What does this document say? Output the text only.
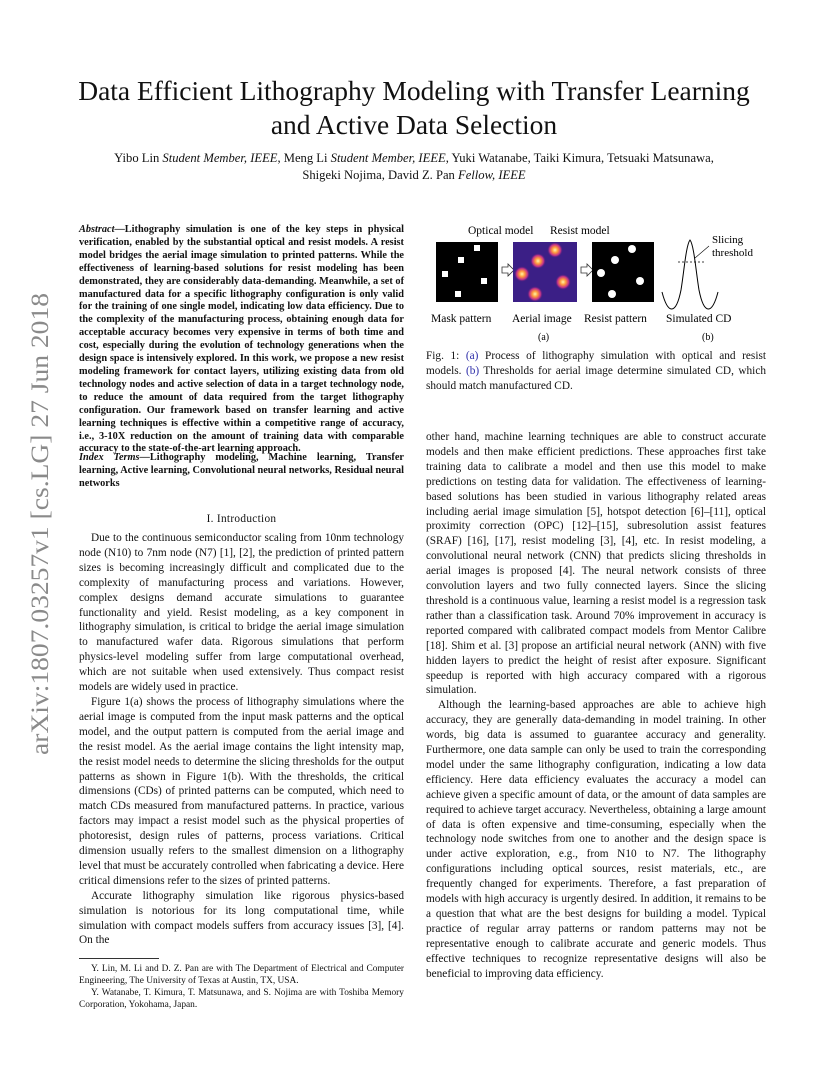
arXiv:1807.03257v1 [cs.LG] 27 Jun 2018
Data Efficient Lithography Modeling with Transfer Learning and Active Data Selection
Yibo Lin Student Member, IEEE, Meng Li Student Member, IEEE, Yuki Watanabe, Taiki Kimura, Tetsuaki Matsunawa,
Shigeki Nojima, David Z. Pan Fellow, IEEE
Abstract—Lithography simulation is one of the key steps in physical verification, enabled by the substantial optical and resist models. A resist model bridges the aerial image simulation to printed patterns. While the effectiveness of learning-based solutions for resist modeling has been demonstrated, they are considerably data-demanding. Meanwhile, a set of manufactured data for a specific lithography configuration is only valid for the training of one single model, indicating low data efficiency. Due to the complexity of the manufacturing process, obtaining enough data for acceptable accuracy becomes very expensive in terms of both time and cost, especially during the evolution of technology generations when the design space is intensively explored. In this work, we propose a new resist modeling framework for contact layers, utilizing existing data from old technology nodes and active selection of data in a target technology node, to reduce the amount of data required from the target lithography configuration. Our framework based on transfer learning and active learning techniques is effective within a competitive range of accuracy, i.e., 3-10X reduction on the amount of training data with comparable accuracy to the state-of-the-art learning approach.
Index Terms—Lithography modeling, Machine learning, Transfer learning, Active learning, Convolutional neural networks, Residual neural networks
I. Introduction

Due to the continuous semiconductor scaling from 10nm technology node (N10) to 7nm node (N7) [1], [2], the prediction of printed pattern sizes is becoming increasingly difficult and complicated due to the complexity of manufacturing process and variations. However, complex designs demand accurate simulations to guarantee functionality and yield. Resist modeling, as a key component in lithography simulation, is critical to bridge the aerial image simulation to manufactured wafer data. Rigorous simulations that perform physics-level modeling suffer from large computational overhead, which are not suitable when used extensively. Thus compact resist models are widely used in practice.

Figure 1(a) shows the process of lithography simulations where the aerial image is computed from the input mask patterns and the optical model, and the output pattern is computed from the aerial image and the resist model. As the aerial image contains the light intensity map, the resist model needs to determine the slicing thresholds for the output patterns as shown in Figure 1(b). With the thresholds, the critical dimensions (CDs) of printed patterns can be computed, which need to match CDs measured from manufactured patterns. In practice, various factors may impact a resist model such as the physical properties of photoresist, design rules of patterns, process variations. Critical dimension usually refers to the smallest dimension on a lithography level that must be accurately controlled when fabricating a device. Here critical dimensions refer to the sizes of printed patterns.

Accurate lithography simulation like rigorous physics-based simulation is notorious for its long computational time, while simulation with compact models suffers from accuracy issues [3], [4]. On the

Y. Lin, M. Li and D. Z. Pan are with The Department of Electrical and Computer Engineering, The University of Texas at Austin, TX, USA.

Y. Watanabe, T. Kimura, T. Matsunawa, and S. Nojima are with Toshiba Memory Corporation, Yokohama, Japan.

Optical model Resist model
Slicing
threshold
Mask pattern Aerial image Resist pattern Simulated CD
(a)	(b)
Fig. 1: (a) Process of lithography simulation with optical and resist models. (b) Thresholds for aerial image determine simulated CD, which should match manufactured CD.

other hand, machine learning techniques are able to construct accurate models and then make efficient predictions. These approaches first take training data to calibrate a model and then use this model to make predictions on testing data for validation. The effectiveness of learning-based solutions has been studied in various lithography related areas including aerial image simulation [5], hotspot detection [6]–[11], optical proximity correction (OPC) [12]–[15], subresolution assist features (SRAF) [16], [17], resist modeling [3], [4], etc. In resist modeling, a convolutional neural network (CNN) that predicts slicing thresholds in aerial images is proposed [4]. The neural network consists of three convolution layers and two fully connected layers. Since the slicing threshold is a continuous value, learning a resist model is a regression task rather than a classification task. Around 70% improvement in accuracy is reported compared with calibrated compact models from Mentor Calibre [18]. Shim et al. [3] propose an artificial neural network (ANN) with five hidden layers to predict the height of resist after exposure. Significant speedup is reported with high accuracy compared with a rigorous simulation.

Although the learning-based approaches are able to achieve high accuracy, they are generally data-demanding in model training. In other words, big data is assumed to guarantee accuracy and generality. Furthermore, one data sample can only be used to train the corresponding model under the same lithography configuration, indicating a low data efficiency. Here data efficiency evaluates the accuracy a model can achieve given a specific amount of data, or the amount of data samples are required to achieve target accuracy. Nevertheless, obtaining a large amount of data is often expensive and time-consuming, especially when the technology node switches from one to another and the design space is under active exploration, e.g., from N10 to N7. The lithography configurations including optical sources, resist materials, etc., are frequently changed for experiments. Therefore, a fast preparation of models with high accuracy is urgently desired. In addition, it remains to be a question that what are the best designs for building a model. Typical practice of regular array patterns or random patterns may not be representative enough to calibrate accurate and generic models. Thus effective techniques to recognize representative designs will also be beneficial to improving data efficiency.
